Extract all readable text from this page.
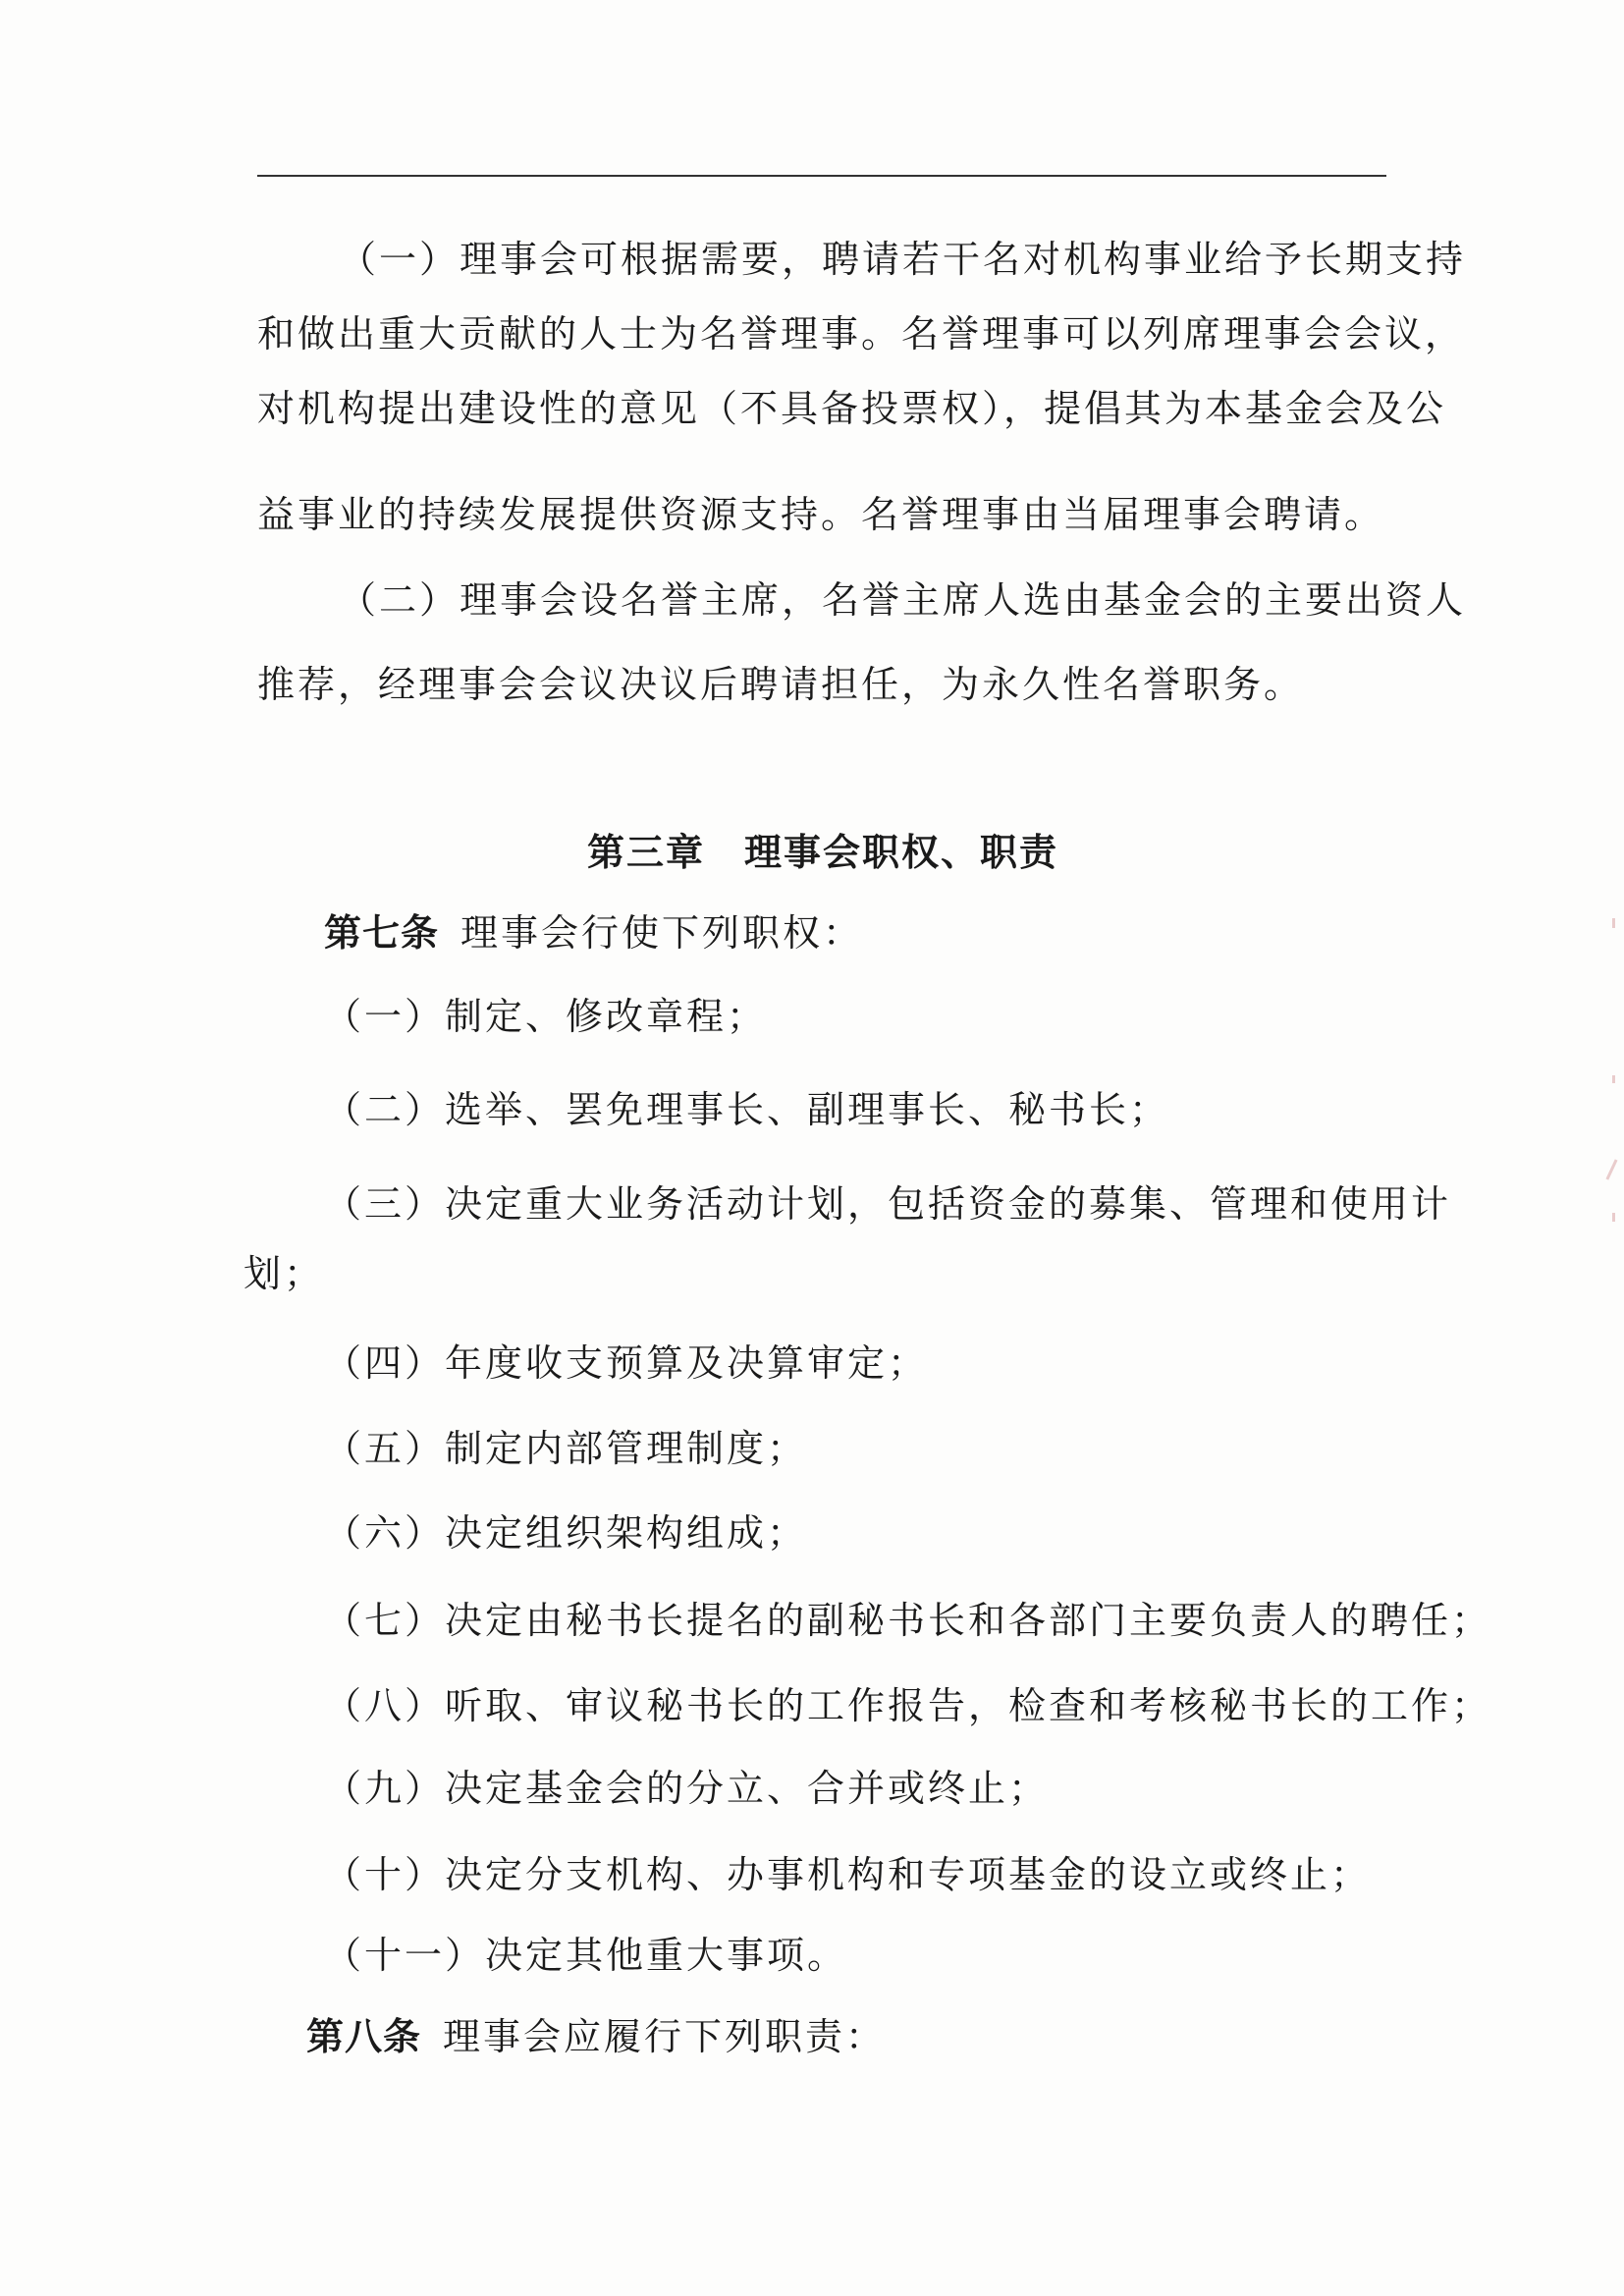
（一）理事会可根据需要，聘请若干名对机构事业给予长期支持
和做出重大贡献的人士为名誉理事。名誉理事可以列席理事会会议，
对机构提出建设性的意见（不具备投票权），提倡其为本基金会及公
益事业的持续发展提供资源支持。名誉理事由当届理事会聘请。
（二）理事会设名誉主席，名誉主席人选由基金会的主要出资人
推荐，经理事会会议决议后聘请担任，为永久性名誉职务。
第三章　理事会职权、职责
第七条 理事会行使下列职权：
（一）制定、修改章程；
（二）选举、罢免理事长、副理事长、秘书长；
（三）决定重大业务活动计划，包括资金的募集、管理和使用计
划；
（四）年度收支预算及决算审定；
（五）制定内部管理制度；
（六）决定组织架构组成；
（七）决定由秘书长提名的副秘书长和各部门主要负责人的聘任；
（八）听取、审议秘书长的工作报告，检查和考核秘书长的工作；
（九）决定基金会的分立、合并或终止；
（十）决定分支机构、办事机构和专项基金的设立或终止；
（十一）决定其他重大事项。
第八条 理事会应履行下列职责：
